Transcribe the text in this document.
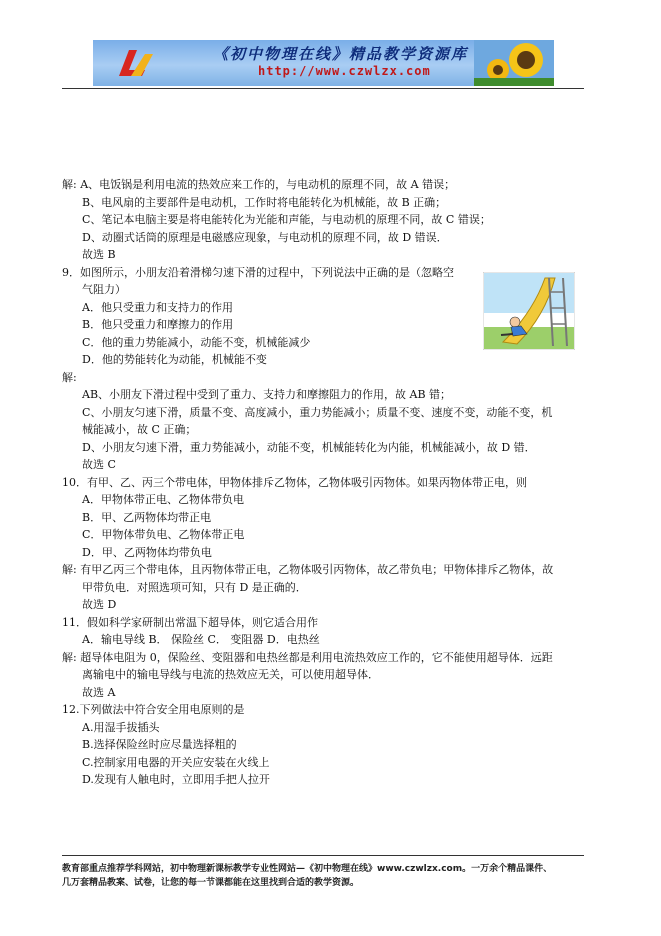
《初中物理在线》精品教学资源库
http://www.czwlzx.com
解: A、电饭锅是利用电流的热效应来工作的，与电动机的原理不同，故 A 错误；
B、电风扇的主要部件是电动机，工作时将电能转化为机械能，故 B 正确；
C、笔记本电脑主要是将电能转化为光能和声能，与电动机的原理不同，故 C 错误；
D、动圈式话筒的原理是电磁感应现象，与电动机的原理不同，故 D 错误．
故选 B
9．如图所示，小朋友沿着滑梯匀速下滑的过程中，下列说法中正确的是（忽略空
气阻力）
A．他只受重力和支持力的作用
B．他只受重力和摩擦力的作用
C．他的重力势能减小，动能不变，机械能减少
D．他的势能转化为动能，机械能不变
解:
AB、小朋友下滑过程中受到了重力、支持力和摩擦阻力的作用，故 AB 错；
C、小朋友匀速下滑，质量不变、高度减小，重力势能减小；质量不变、速度不变，动能不变，机
械能减小，故 C 正确；
D、小朋友匀速下滑，重力势能减小，动能不变，机械能转化为内能，机械能减小，故 D 错．
故选 C
10．有甲、乙、丙三个带电体，甲物体排斥乙物体，乙物体吸引丙物体。如果丙物体带正电，则
A．甲物体带正电、乙物体带负电
B．甲、乙两物体均带正电
C．甲物体带负电、乙物体带正电
D．甲、乙两物体均带负电
解: 有甲乙丙三个带电体，且丙物体带正电，乙物体吸引丙物体，故乙带负电；甲物体排斥乙物体，故
甲带负电．对照选项可知，只有 D 是正确的．
故选 D
11．假如科学家研制出常温下超导体，则它适合用作
A．输电导线 B． 保险丝 C． 变阻器 D．电热丝
解: 超导体电阻为 0，保险丝、变阻器和电热丝都是利用电流热效应工作的，它不能使用超导体．远距
离输电中的输电导线与电流的热效应无关，可以使用超导体．
故选 A
12.下列做法中符合安全用电原则的是
A.用湿手拔插头
B.选择保险丝时应尽量选择粗的
C.控制家用电器的开关应安装在火线上
D.发现有人触电时，立即用手把人拉开
教育部重点推荐学科网站，初中物理新课标教学专业性网站—《初中物理在线》www.czwlzx.com。一万余个精品课件、
几万套精品教案、试卷，让您的每一节课都能在这里找到合适的教学资源。
